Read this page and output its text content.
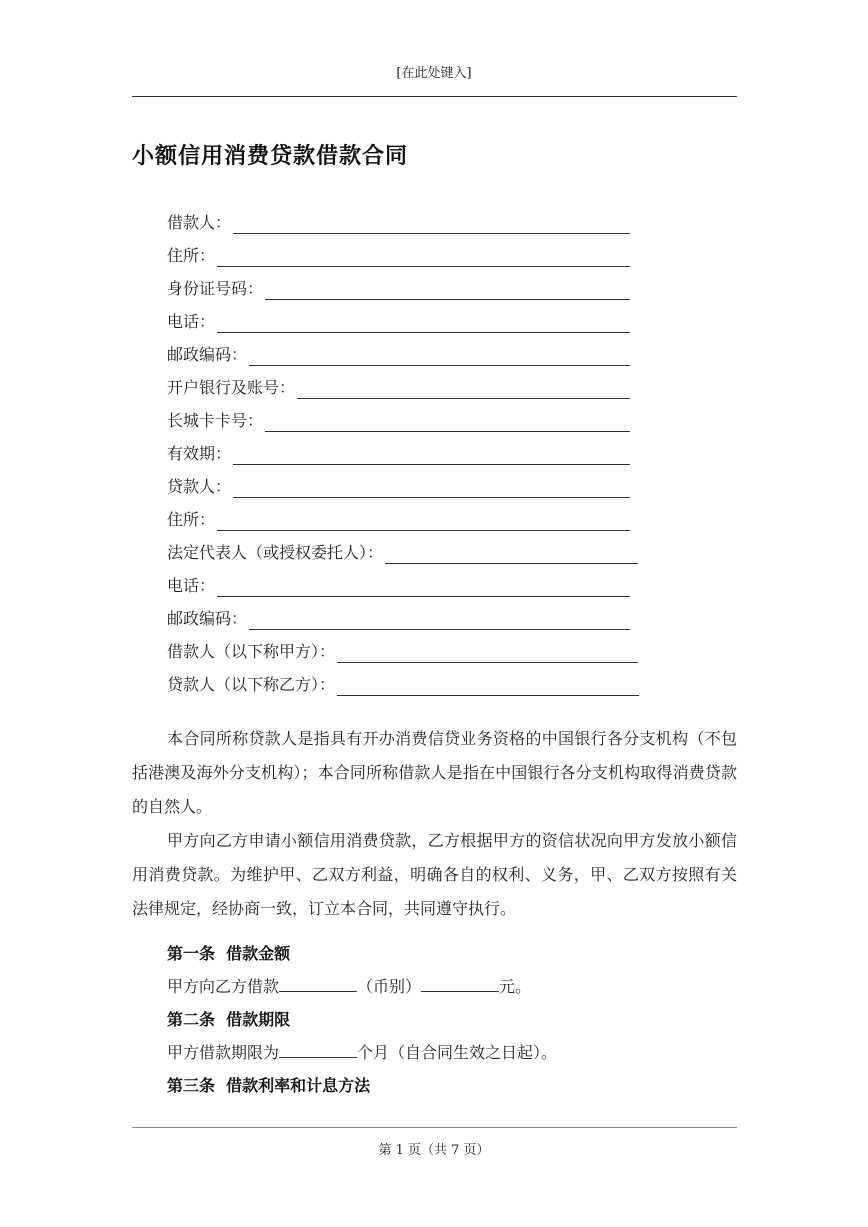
[在此处键入]
小额信用消费贷款借款合同
借款人：
住所：
身份证号码：
电话：
邮政编码：
开户银行及账号：
长城卡卡号：
有效期：
贷款人：
住所：
法定代表人（或授权委托人）：
电话：
邮政编码：
借款人（以下称甲方）：
贷款人（以下称乙方）：

本合同所称贷款人是指具有开办消费信贷业务资格的中国银行各分支机构（不包括港澳及海外分支机构）；本合同所称借款人是指在中国银行各分支机构取得消费贷款的自然人。

甲方向乙方申请小额信用消费贷款，乙方根据甲方的资信状况向甲方发放小额信用消费贷款。为维护甲、乙双方利益，明确各自的权利、义务，甲、乙双方按照有关法律规定，经协商一致，订立本合同，共同遵守执行。

第一条  借款金额
甲方向乙方借款	（币别）	元。
第二条  借款期限
甲方借款期限为	个月（自合同生效之日起）。
第三条  借款利率和计息方法
第 1 页（共 7 页）
